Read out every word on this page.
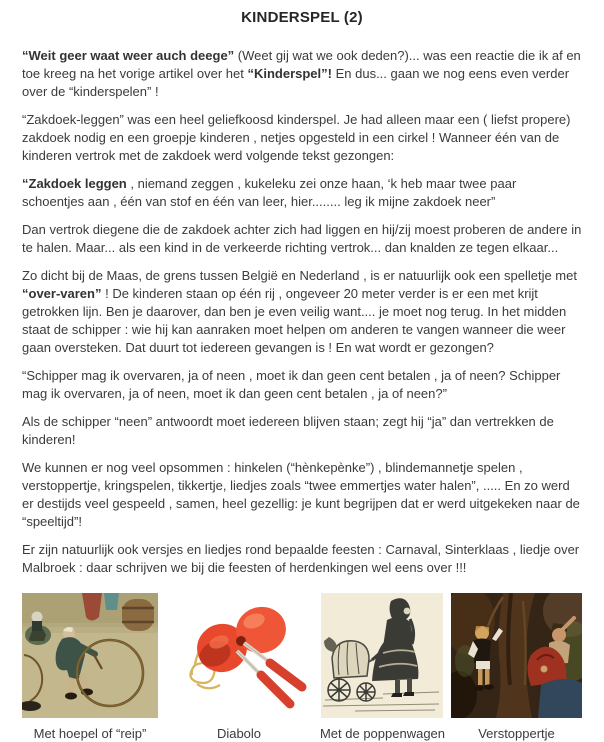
KINDERSPEL (2)

“Weit geer waat weer auch deege” (Weet gij wat we ook deden?)... was een reactie die ik af en toe kreeg na het vorige artikel over het “Kinderspel”! En dus... gaan we nog eens even verder over de “kinderspelen” !

“Zakdoek-leggen” was een heel geliefkoosd kinderspel. Je had alleen maar een ( liefst propere) zakdoek nodig en een groepje kinderen , netjes opgesteld in een cirkel ! Wanneer één van de kinderen vertrok met de zakdoek werd volgende tekst gezongen:

“Zakdoek leggen , niemand zeggen , kukeleku zei onze haan, ‘k heb maar twee paar schoentjes aan , één van stof en één van leer, hier........ leg ik mijne zakdoek neer”

Dan vertrok diegene die de zakdoek achter zich had liggen en hij/zij moest proberen de andere in te halen. Maar... als een kind in de verkeerde richting vertrok... dan knalden ze tegen elkaar...

Zo dicht bij de Maas, de grens tussen België en Nederland , is er natuurlijk ook een spelletje met “over-varen” ! De kinderen staan op één rij , ongeveer 20 meter verder is er een met krijt getrokken lijn. Ben je daarover, dan ben je even veilig want.... je moet nog terug. In het midden staat de schipper : wie hij kan aanraken moet helpen om anderen te vangen wanneer die weer gaan oversteken. Dat duurt tot iedereen gevangen is ! En wat wordt er gezongen?

“Schipper mag ik overvaren, ja of neen , moet ik dan geen cent betalen , ja of neen? Schipper mag ik overvaren, ja of neen, moet ik dan geen cent betalen , ja of neen?”

Als de schipper “neen” antwoordt moet iedereen blijven staan; zegt hij “ja” dan vertrekken de kinderen!

We kunnen er nog veel opsommen : hinkelen (“hènkepènke”) , blindemannetje spelen , verstoppertje, kringspelen, tikkertje, liedjes zoals “twee emmertjes water halen”, ..... En zo werd er destijds veel gespeeld , samen, heel gezellig: je kunt begrijpen dat er werd uitgekeken naar de “speeltijd”!

Er zijn natuurlijk ook versjes en liedjes rond bepaalde feesten : Carnaval, Sinterklaas , liedje over Malbroek : daar schrijven we bij die feesten of herdenkingen wel eens over !!!

Met hoepel of “reip”	Diabolo	Met de poppenwagen	Verstoppertje
